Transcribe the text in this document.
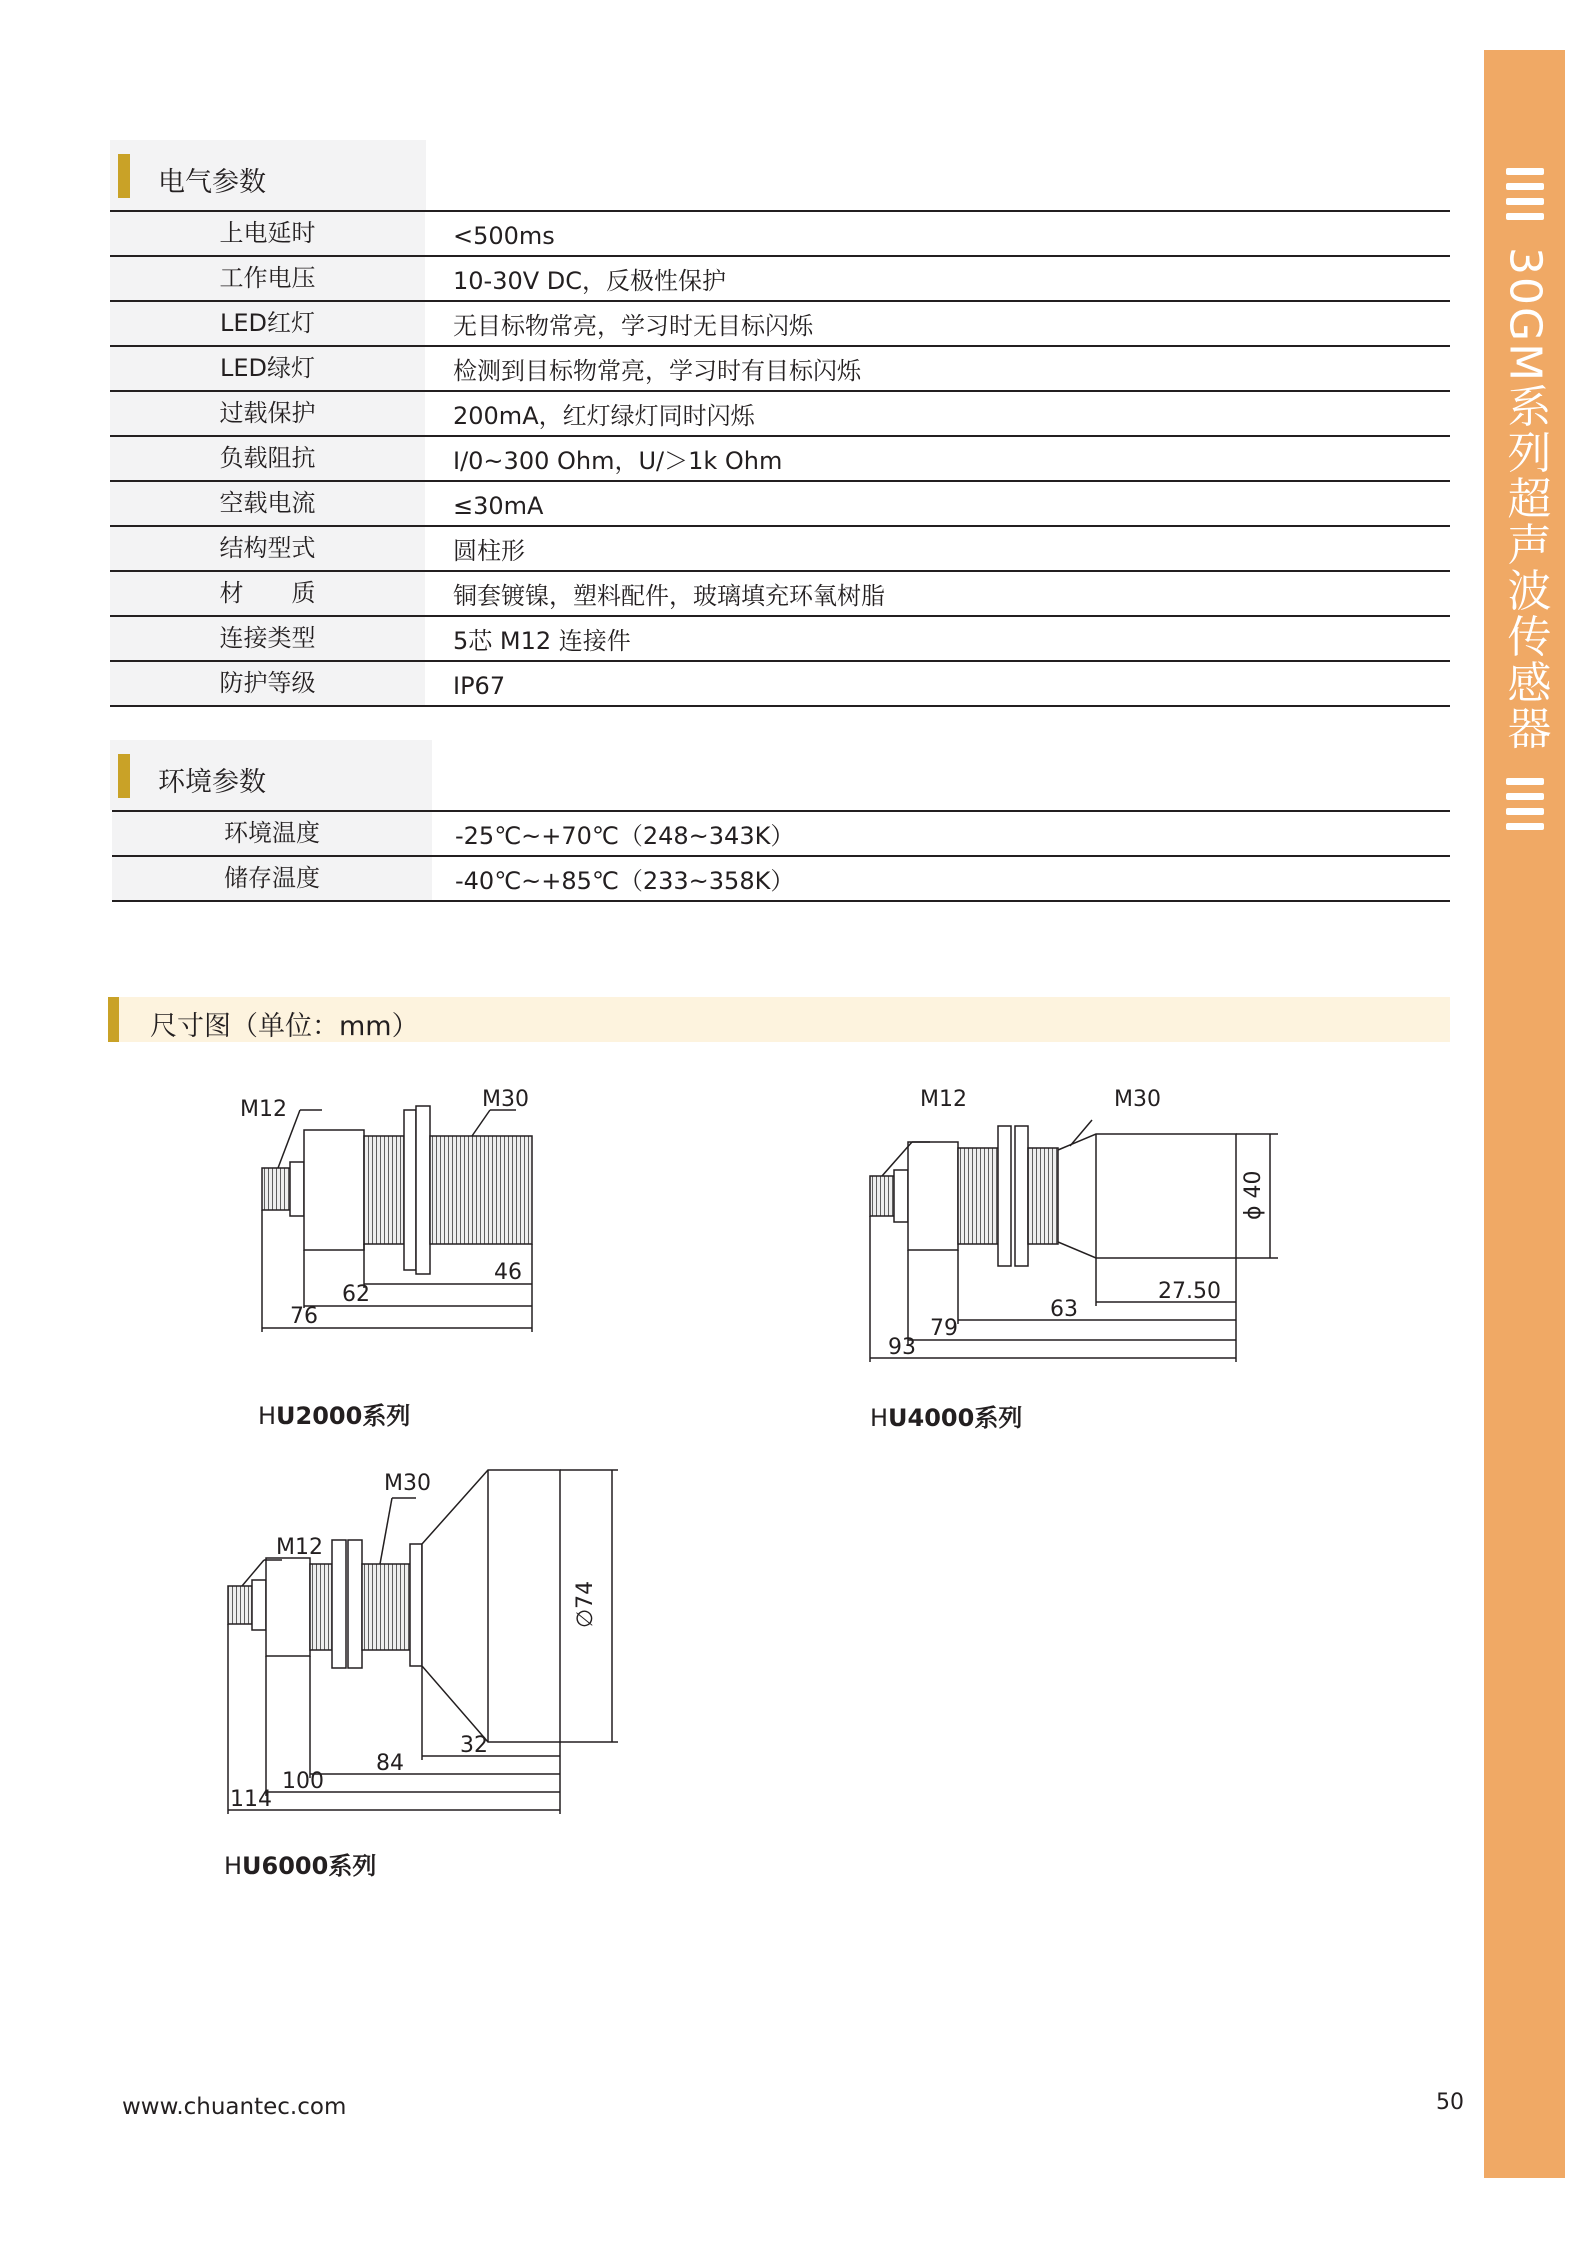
30GM系列超声波传感器
电气参数
上电延时	<500ms
工作电压	10-30V DC，反极性保护
LED红灯	无目标物常亮，学习时无目标闪烁
LED绿灯	检测到目标物常亮，学习时有目标闪烁
过载保护	200mA，红灯绿灯同时闪烁
负载阻抗	I/0~300 Ohm，U/＞1k Ohm
空载电流	≤30mA
结构型式	圆柱形
材　　质	铜套镀镍，塑料配件，玻璃填充环氧树脂
连接类型	5芯 M12 连接件
防护等级	IP67
环境参数
环境温度	-25℃~+70℃（248~343K）
储存温度	-40℃~+85℃（233~358K）
尺寸图（单位：mm）
M12	M30
46
62
76
HU2000系列
M12	M30
ϕ 40
27.50
63
79
93
HU4000系列
M12
M30
∅74
32
84
100
114
HU6000系列
www.chuantec.com	50
